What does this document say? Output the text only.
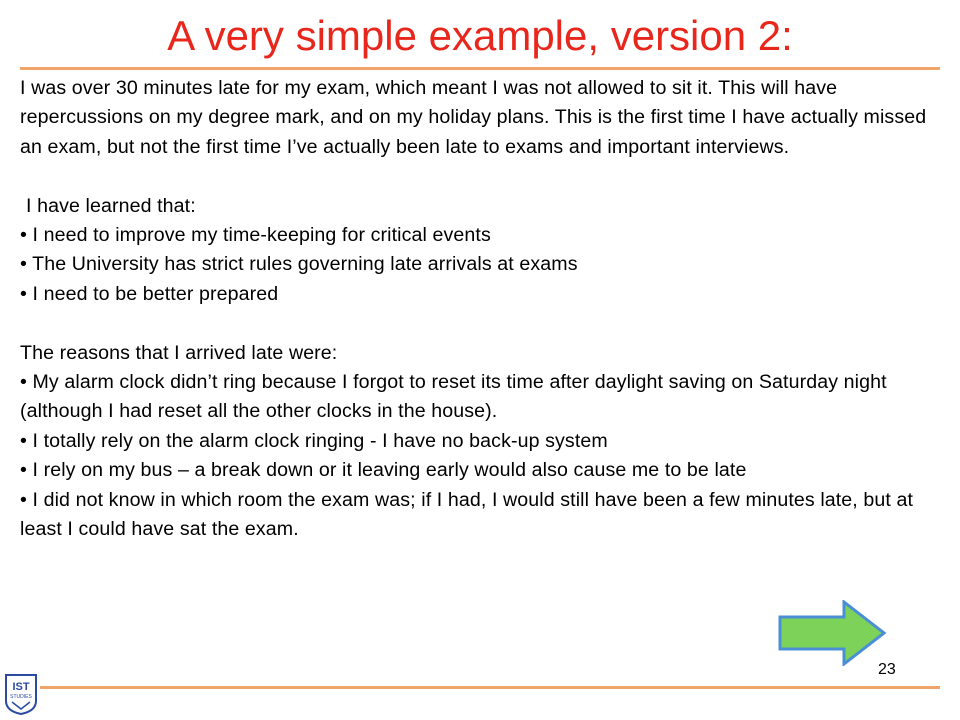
A very simple example, version 2:

I was over 30 minutes late for my exam, which meant I was not allowed to sit it. This will have repercussions on my degree mark, and on my holiday plans. This is the first time I have actually missed an exam, but not the first time I’ve actually been late to exams and important interviews.

I have learned that:

• I need to improve my time-keeping for critical events
• The University has strict rules governing late arrivals at exams
• I need to be better prepared

The reasons that I arrived late were:

• My alarm clock didn’t ring because I forgot to reset its time after daylight saving on Saturday night (although I had reset all the other clocks in the house).
• I totally rely on the alarm clock ringing - I have no back-up system
• I rely on my bus – a break down or it leaving early would also cause me to be late
• I did not know in which room the exam was; if I had, I would still have been a few minutes late, but at least I could have sat the exam.
23
IST
STUDIES
